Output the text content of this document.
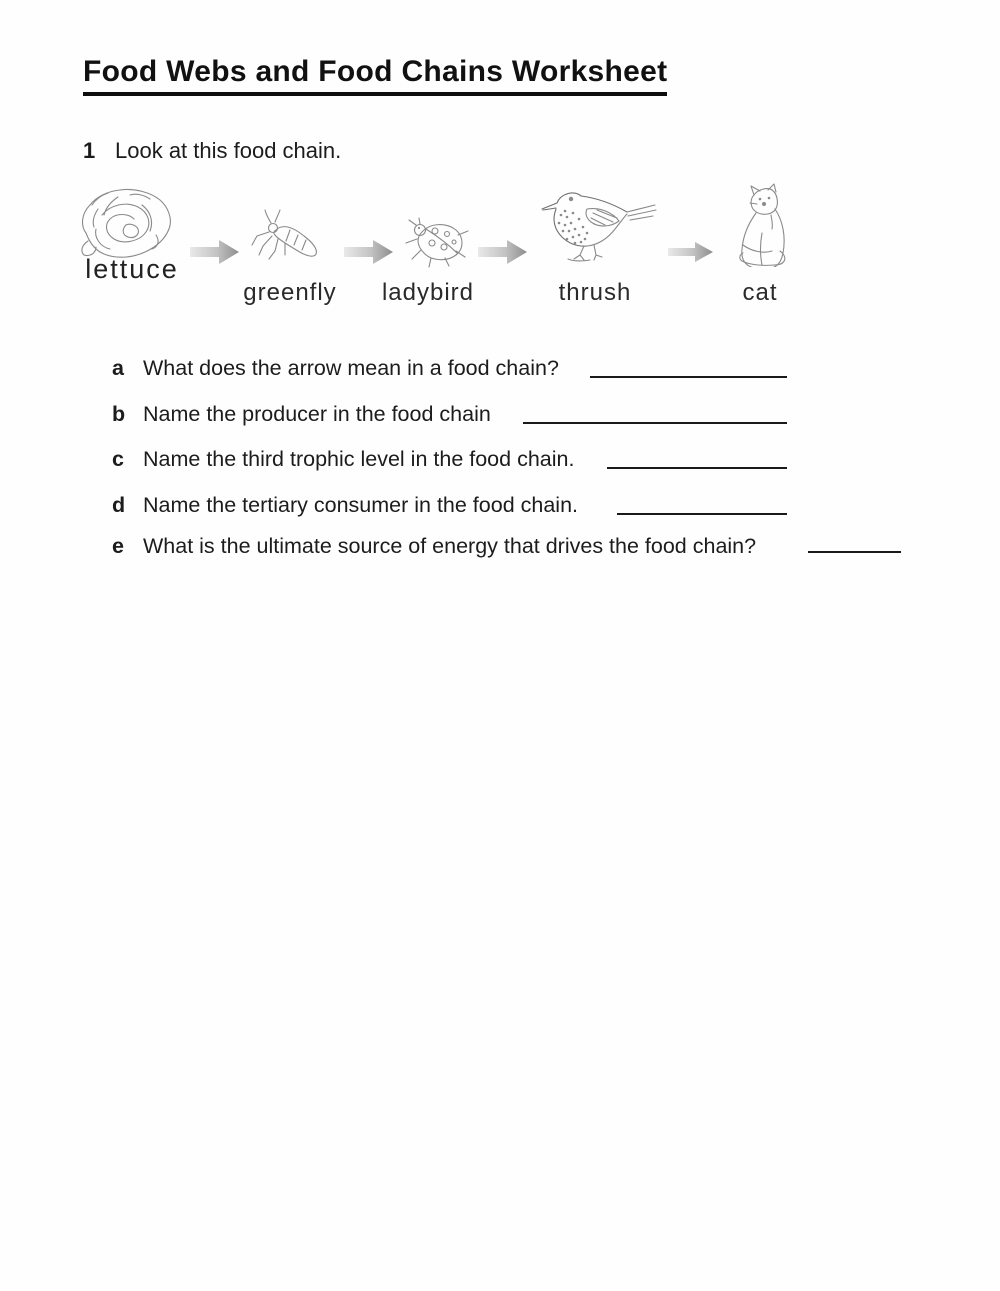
Food Webs and Food Chains Worksheet
1 Look at this food chain.
lettuce
greenfly ladybird	thrush	cat
a What does the arrow mean in a food chain?
b Name the producer in the food chain
c Name the third trophic level in the food chain.
d Name the tertiary consumer in the food chain.
e What is the ultimate source of energy that drives the food chain?
